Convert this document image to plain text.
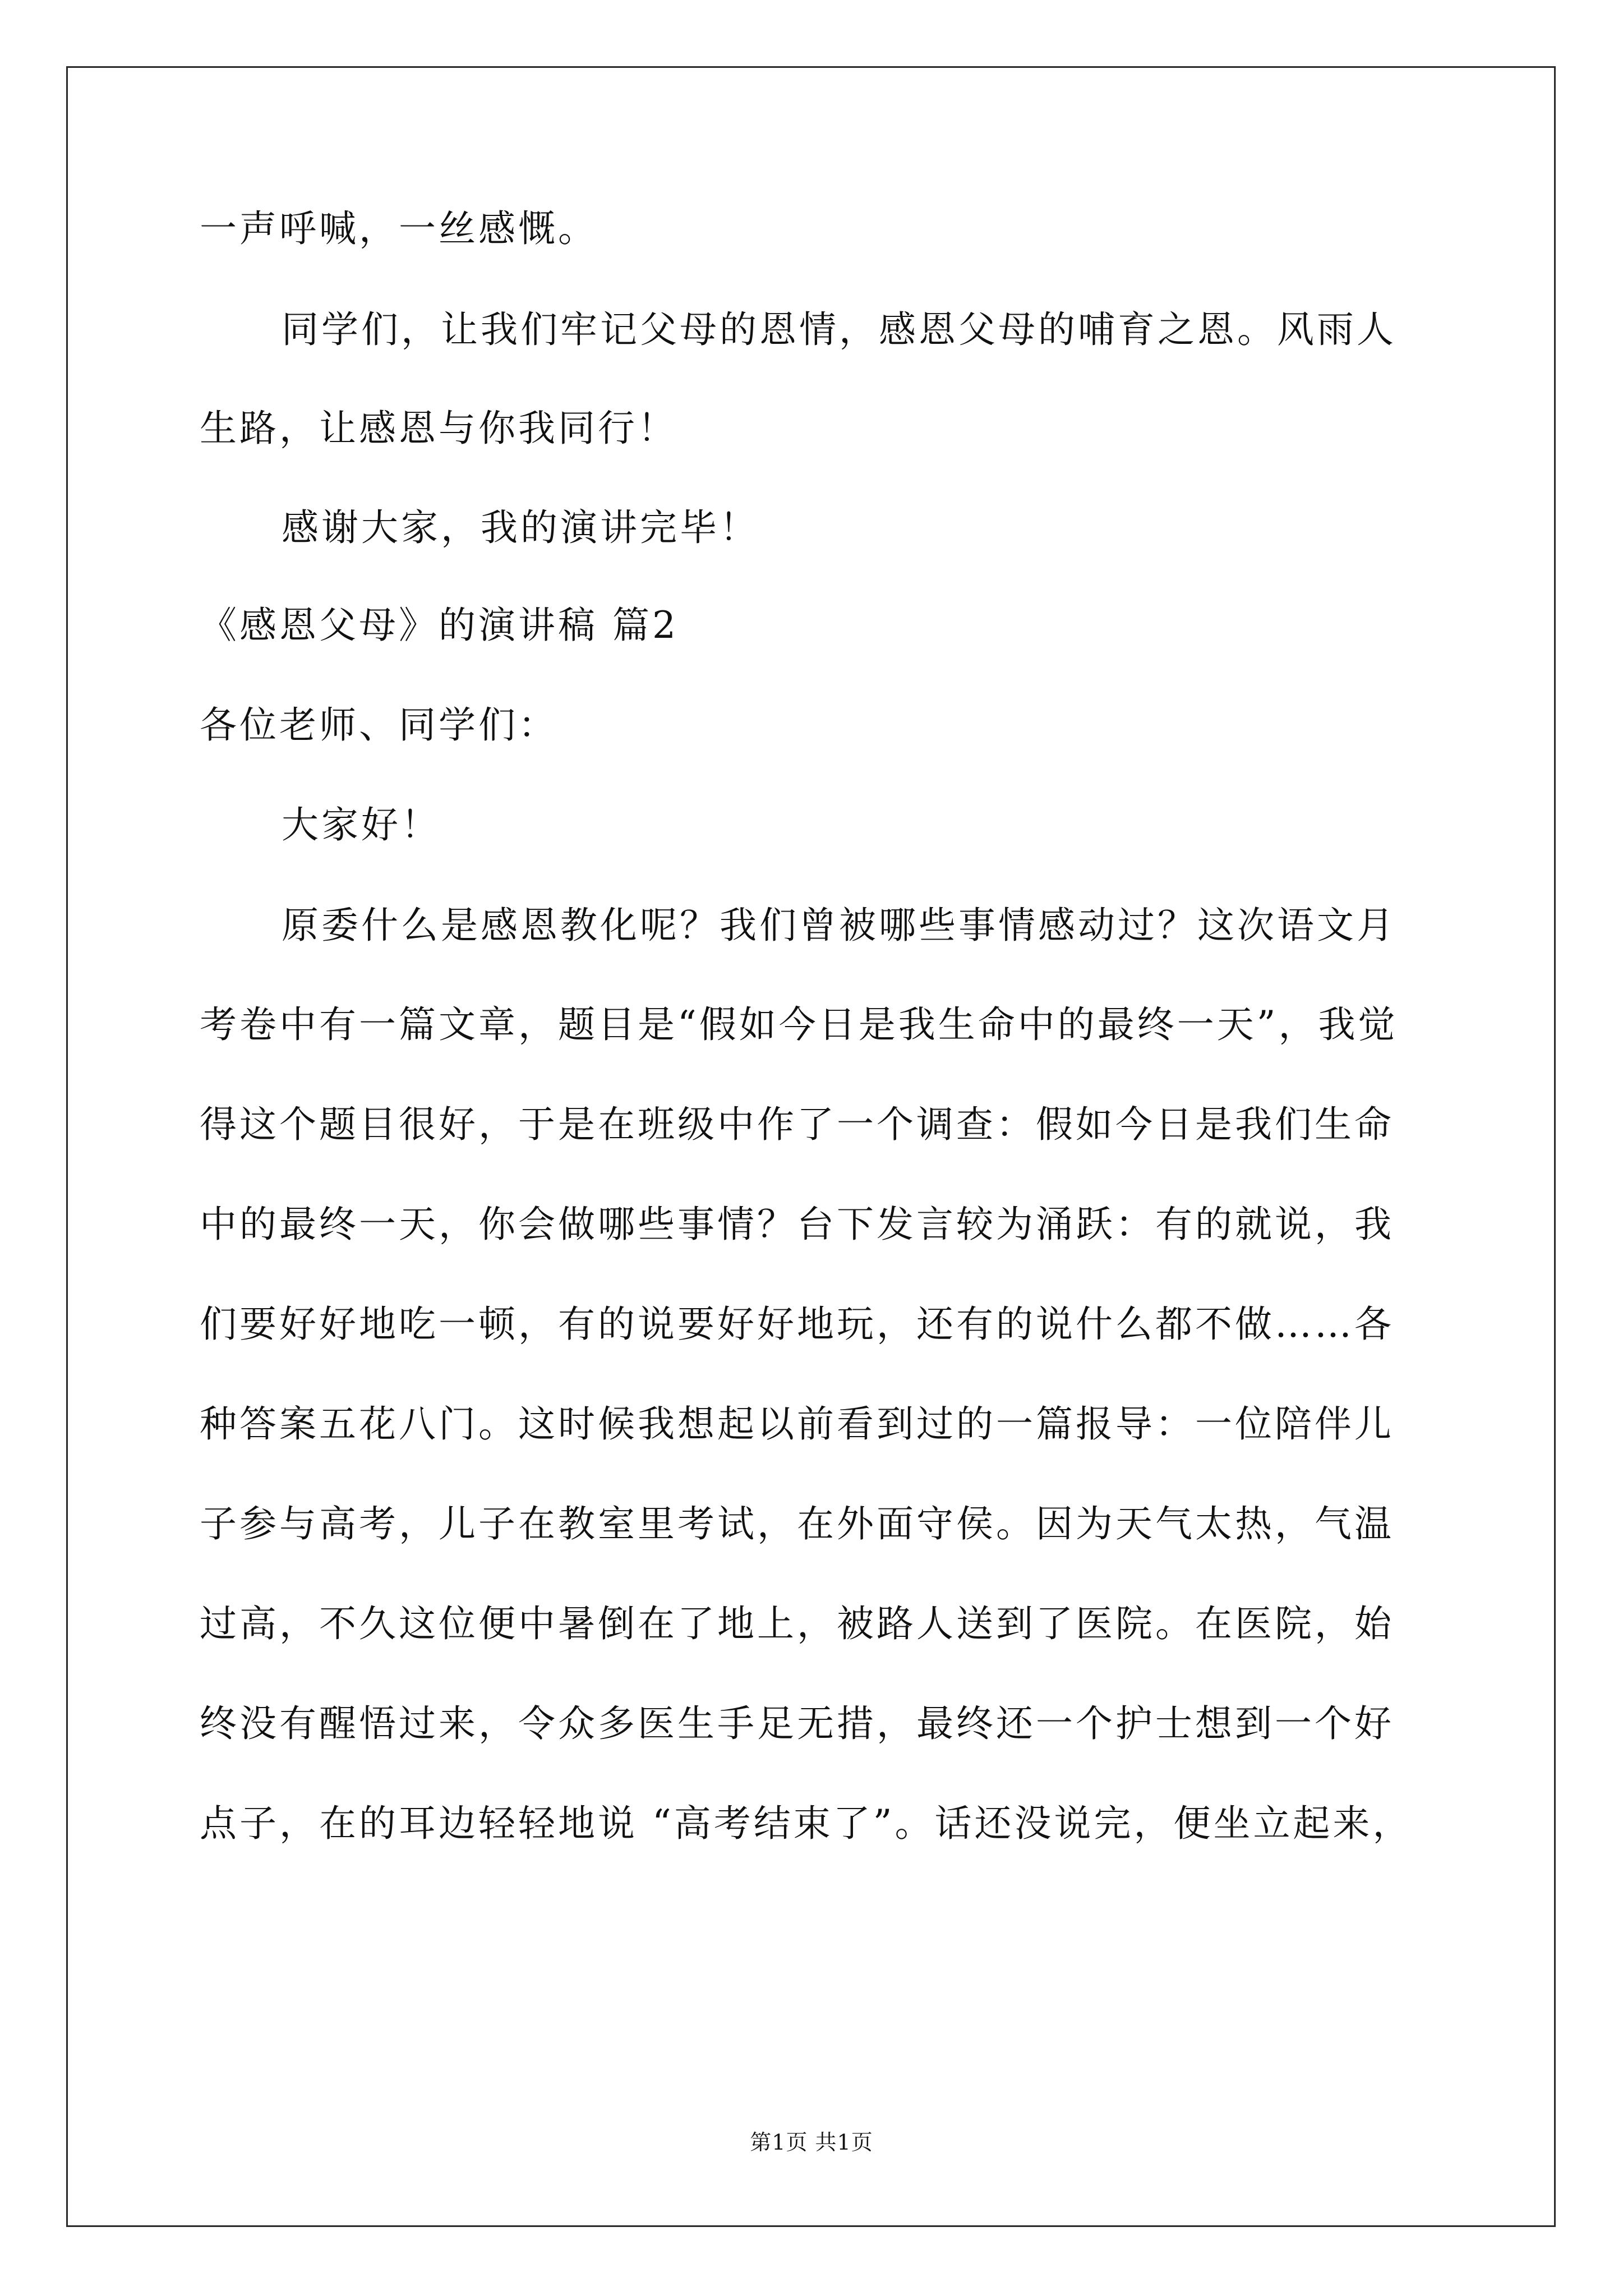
一声呼喊，一丝感慨。

同学们，让我们牢记父母的恩情，感恩父母的哺育之恩。风雨人

生路，让感恩与你我同行！

感谢大家，我的演讲完毕！

《感恩父母》的演讲稿 篇2

各位老师、同学们：

大家好！

原委什么是感恩教化呢？我们曾被哪些事情感动过？这次语文月

考卷中有一篇文章，题目是“假如今日是我生命中的最终一天”，我觉

得这个题目很好，于是在班级中作了一个调查：假如今日是我们生命

中的最终一天，你会做哪些事情？台下发言较为涌跃：有的就说，我

们要好好地吃一顿，有的说要好好地玩，还有的说什么都不做……各

种答案五花八门。这时候我想起以前看到过的一篇报导：一位陪伴儿

子参与高考，儿子在教室里考试，在外面守侯。因为天气太热，气温

过高，不久这位便中暑倒在了地上，被路人送到了医院。在医院，始

终没有醒悟过来，令众多医生手足无措，最终还一个护士想到一个好

点子，在的耳边轻轻地说 “高考结束了”。话还没说完，便坐立起来，

第1页 共1页
